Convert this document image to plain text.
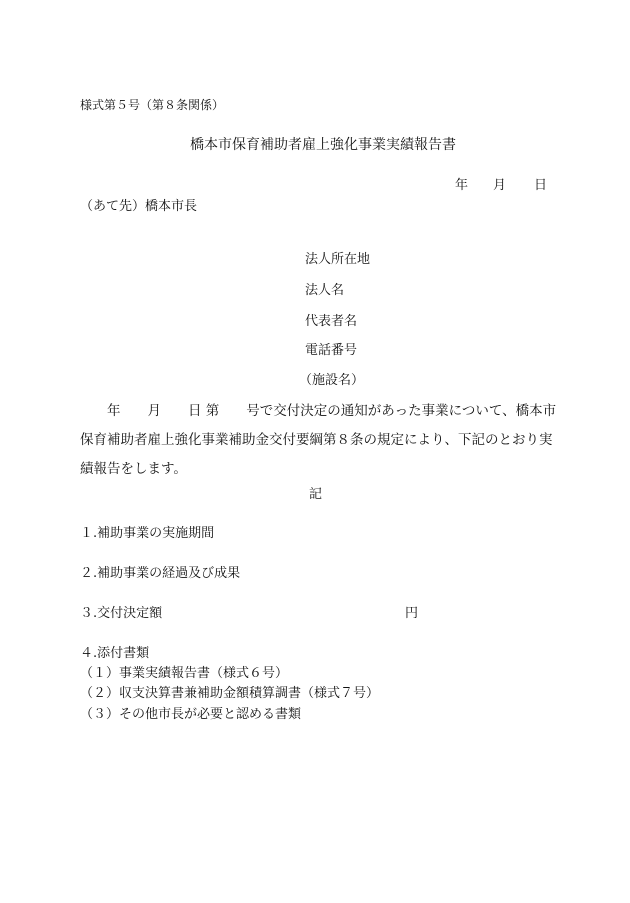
様式第５号（第８条関係）
橋本市保育補助者雇上強化事業実績報告書
年 月 日
（あて先）橋本市長
法人所在地
法人名
代表者名
電話番号
（施設名）
　　年　　月　　日 第　　号で交付決定の通知があった事業について、橋本市
保育補助者雇上強化事業補助金交付要綱第８条の規定により、下記のとおり実
績報告をします。
記
１.補助事業の実施期間
２.補助事業の経過及び成果
３.交付決定額	円
４.添付書類
（１）事業実績報告書（様式６号）
（２）収支決算書兼補助金額積算調書（様式７号）
（３）その他市長が必要と認める書類
